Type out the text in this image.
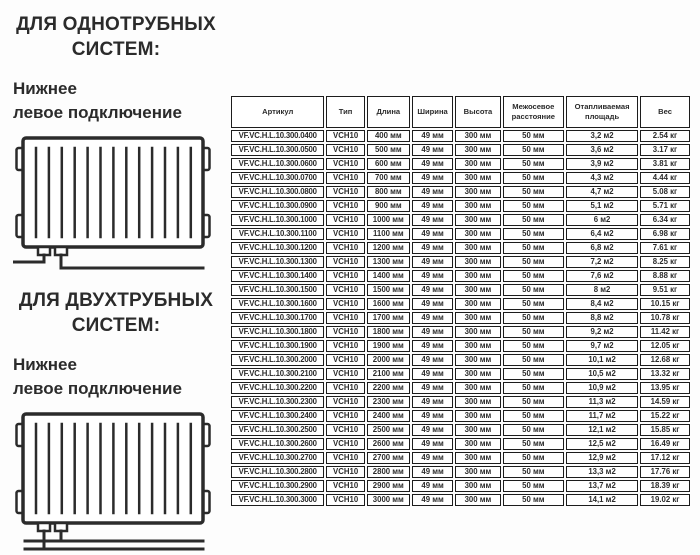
ДЛЯ ОДНОТРУБНЫХ
СИСТЕМ:
Нижнее
левое подключение
ДЛЯ ДВУХТРУБНЫХ
СИСТЕМ:
Нижнее
левое подключение
Артикул	Тип	Длина	Ширина	Высота	Межосевое расстояние	Отапливаемая площадь	Вес
VF.VC.H.L.10.300.0400	VCH10	400 мм	49 мм	300 мм	50 мм	3,2 м2	2.54 кг
VF.VC.H.L.10.300.0500	VCH10	500 мм	49 мм	300 мм	50 мм	3,6 м2	3.17 кг
VF.VC.H.L.10.300.0600	VCH10	600 мм	49 мм	300 мм	50 мм	3,9 м2	3.81 кг
VF.VC.H.L.10.300.0700	VCH10	700 мм	49 мм	300 мм	50 мм	4,3 м2	4.44 кг
VF.VC.H.L.10.300.0800	VCH10	800 мм	49 мм	300 мм	50 мм	4,7 м2	5.08 кг
VF.VC.H.L.10.300.0900	VCH10	900 мм	49 мм	300 мм	50 мм	5,1 м2	5.71 кг
VF.VC.H.L.10.300.1000	VCH10	1000 мм	49 мм	300 мм	50 мм	6 м2	6.34 кг
VF.VC.H.L.10.300.1100	VCH10	1100 мм	49 мм	300 мм	50 мм	6,4 м2	6.98 кг
VF.VC.H.L.10.300.1200	VCH10	1200 мм	49 мм	300 мм	50 мм	6,8 м2	7.61 кг
VF.VC.H.L.10.300.1300	VCH10	1300 мм	49 мм	300 мм	50 мм	7,2 м2	8.25 кг
VF.VC.H.L.10.300.1400	VCH10	1400 мм	49 мм	300 мм	50 мм	7,6 м2	8.88 кг
VF.VC.H.L.10.300.1500	VCH10	1500 мм	49 мм	300 мм	50 мм	8 м2	9.51 кг
VF.VC.H.L.10.300.1600	VCH10	1600 мм	49 мм	300 мм	50 мм	8,4 м2	10.15 кг
VF.VC.H.L.10.300.1700	VCH10	1700 мм	49 мм	300 мм	50 мм	8,8 м2	10.78 кг
VF.VC.H.L.10.300.1800	VCH10	1800 мм	49 мм	300 мм	50 мм	9,2 м2	11.42 кг
VF.VC.H.L.10.300.1900	VCH10	1900 мм	49 мм	300 мм	50 мм	9,7 м2	12.05 кг
VF.VC.H.L.10.300.2000	VCH10	2000 мм	49 мм	300 мм	50 мм	10,1 м2	12.68 кг
VF.VC.H.L.10.300.2100	VCH10	2100 мм	49 мм	300 мм	50 мм	10,5 м2	13.32 кг
VF.VC.H.L.10.300.2200	VCH10	2200 мм	49 мм	300 мм	50 мм	10,9 м2	13.95 кг
VF.VC.H.L.10.300.2300	VCH10	2300 мм	49 мм	300 мм	50 мм	11,3 м2	14.59 кг
VF.VC.H.L.10.300.2400	VCH10	2400 мм	49 мм	300 мм	50 мм	11,7 м2	15.22 кг
VF.VC.H.L.10.300.2500	VCH10	2500 мм	49 мм	300 мм	50 мм	12,1 м2	15.85 кг
VF.VC.H.L.10.300.2600	VCH10	2600 мм	49 мм	300 мм	50 мм	12,5 м2	16.49 кг
VF.VC.H.L.10.300.2700	VCH10	2700 мм	49 мм	300 мм	50 мм	12,9 м2	17.12 кг
VF.VC.H.L.10.300.2800	VCH10	2800 мм	49 мм	300 мм	50 мм	13,3 м2	17.76 кг
VF.VC.H.L.10.300.2900	VCH10	2900 мм	49 мм	300 мм	50 мм	13,7 м2	18.39 кг
VF.VC.H.L.10.300.3000	VCH10	3000 мм	49 мм	300 мм	50 мм	14,1 м2	19.02 кг
